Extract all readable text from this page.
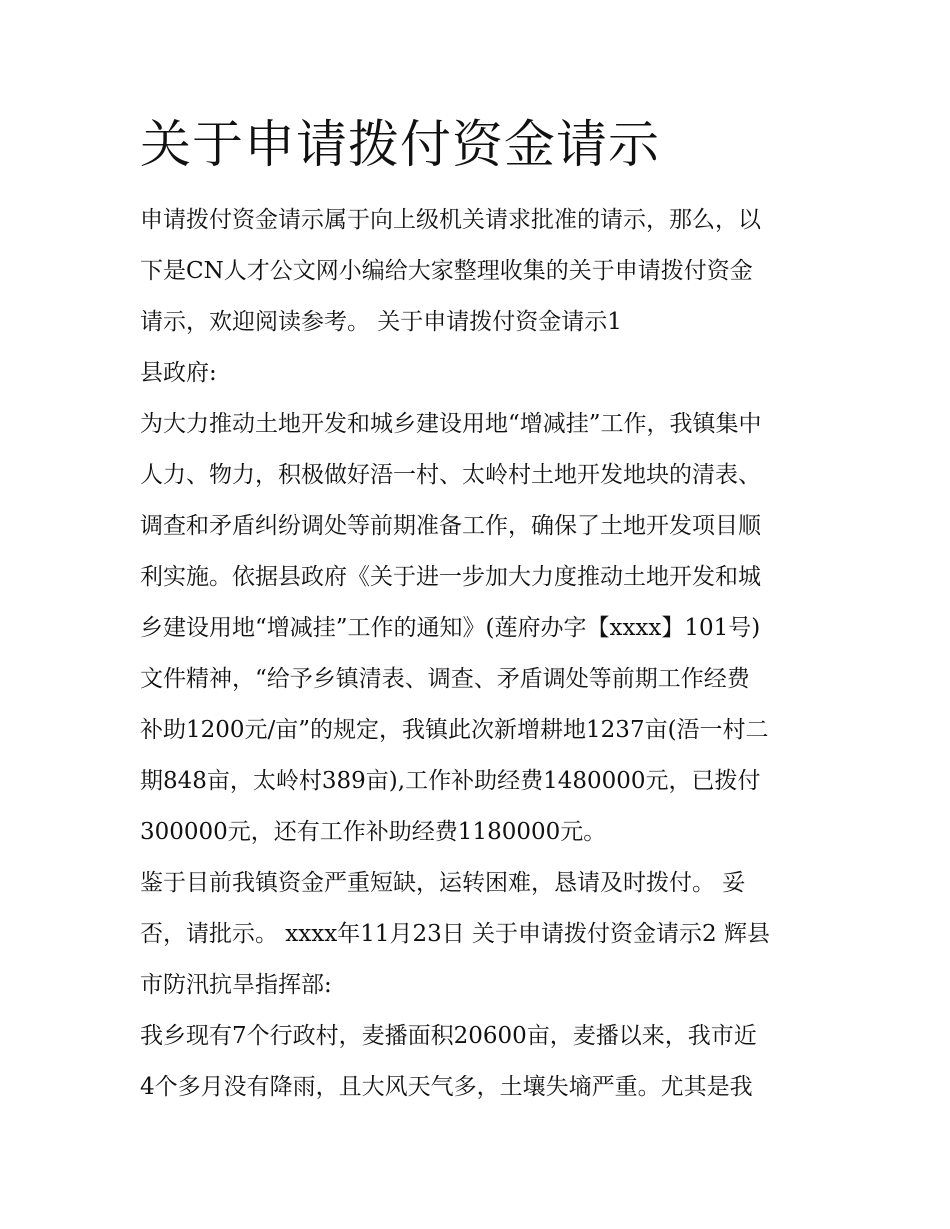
关于申请拨付资金请示

申请拨付资金请示属于向上级机关请求批准的请示，那么，以

下是CN人才公文网小编给大家整理收集的关于申请拨付资金

请示，欢迎阅读参考。 关于申请拨付资金请示1

县政府:

为大力推动土地开发和城乡建设用地“增减挂”工作，我镇集中

人力、物力，积极做好浯一村、太岭村土地开发地块的清表、

调查和矛盾纠纷调处等前期准备工作，确保了土地开发项目顺

利实施。依据县政府《关于进一步加大力度推动土地开发和城

乡建设用地“增减挂”工作的通知》(莲府办字【xxxx】101号)

文件精神，“给予乡镇清表、调查、矛盾调处等前期工作经费

补助1200元/亩”的规定，我镇此次新增耕地1237亩(浯一村二

期848亩，太岭村389亩),工作补助经费1480000元，已拨付

300000元，还有工作补助经费1180000元。

鉴于目前我镇资金严重短缺，运转困难，恳请及时拨付。 妥

否，请批示。 xxxx年11月23日 关于申请拨付资金请示2 辉县

市防汛抗旱指挥部:

我乡现有7个行政村，麦播面积20600亩，麦播以来，我市近

4个多月没有降雨，且大风天气多，土壤失墒严重。尤其是我
